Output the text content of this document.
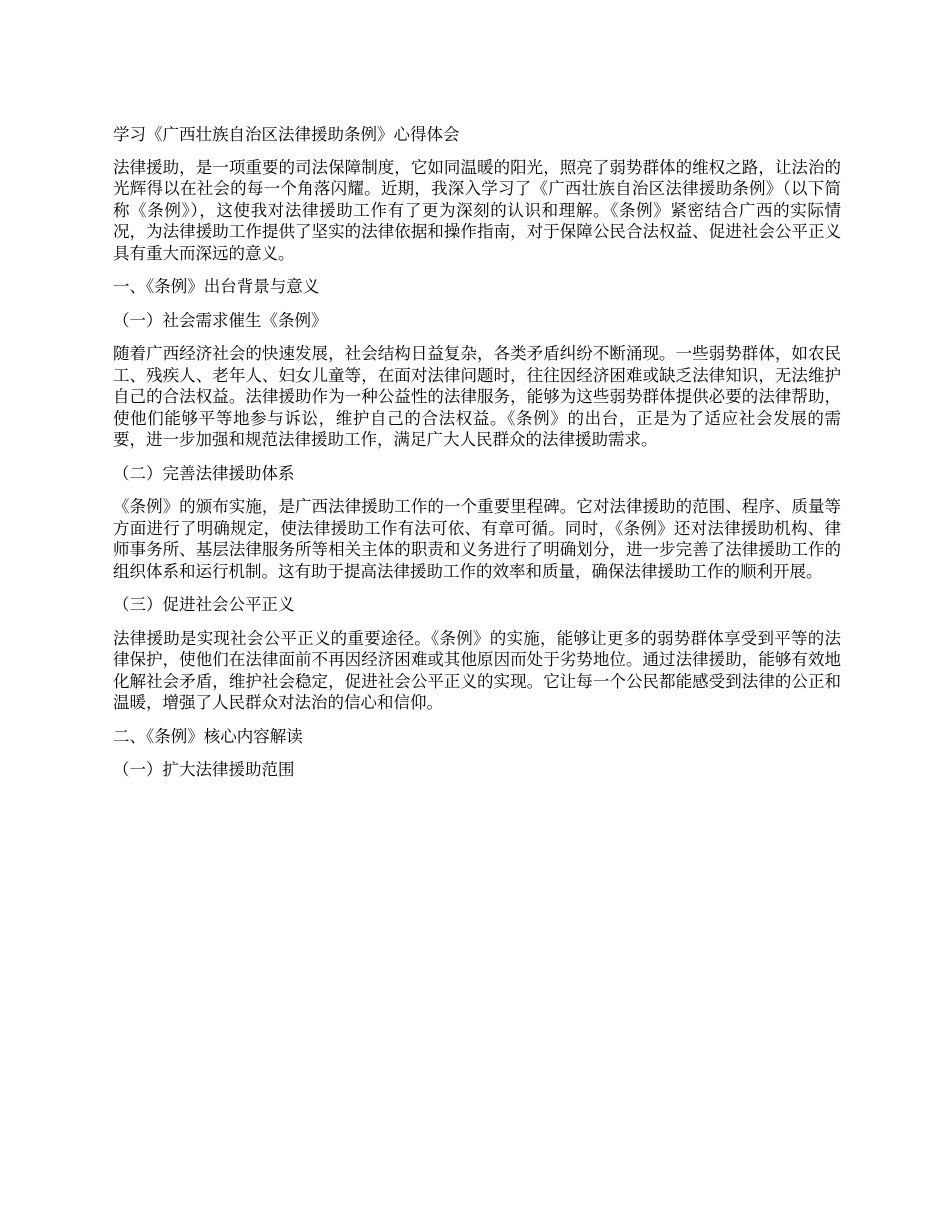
学习《广西壮族自治区法律援助条例》心得体会
法律援助，是一项重要的司法保障制度，它如同温暖的阳光，照亮了弱势群体的维权之路，让法治的光辉得以在社会的每一个角落闪耀。近期，我深入学习了《广西壮族自治区法律援助条例》（以下简称《条例》），这使我对法律援助工作有了更为深刻的认识和理解。《条例》紧密结合广西的实际情况，为法律援助工作提供了坚实的法律依据和操作指南，对于保障公民合法权益、促进社会公平正义具有重大而深远的意义。
一、《条例》出台背景与意义
（一）社会需求催生《条例》
随着广西经济社会的快速发展，社会结构日益复杂，各类矛盾纠纷不断涌现。一些弱势群体，如农民工、残疾人、老年人、妇女儿童等，在面对法律问题时，往往因经济困难或缺乏法律知识，无法维护自己的合法权益。法律援助作为一种公益性的法律服务，能够为这些弱势群体提供必要的法律帮助，使他们能够平等地参与诉讼，维护自己的合法权益。《条例》的出台，正是为了适应社会发展的需要，进一步加强和规范法律援助工作，满足广大人民群众的法律援助需求。
（二）完善法律援助体系
《条例》的颁布实施，是广西法律援助工作的一个重要里程碑。它对法律援助的范围、程序、质量等方面进行了明确规定，使法律援助工作有法可依、有章可循。同时，《条例》还对法律援助机构、律师事务所、基层法律服务所等相关主体的职责和义务进行了明确划分，进一步完善了法律援助工作的组织体系和运行机制。这有助于提高法律援助工作的效率和质量，确保法律援助工作的顺利开展。
（三）促进社会公平正义
法律援助是实现社会公平正义的重要途径。《条例》的实施，能够让更多的弱势群体享受到平等的法律保护，使他们在法律面前不再因经济困难或其他原因而处于劣势地位。通过法律援助，能够有效地化解社会矛盾，维护社会稳定，促进社会公平正义的实现。它让每一个公民都能感受到法律的公正和温暖，增强了人民群众对法治的信心和信仰。
二、《条例》核心内容解读
（一）扩大法律援助范围
